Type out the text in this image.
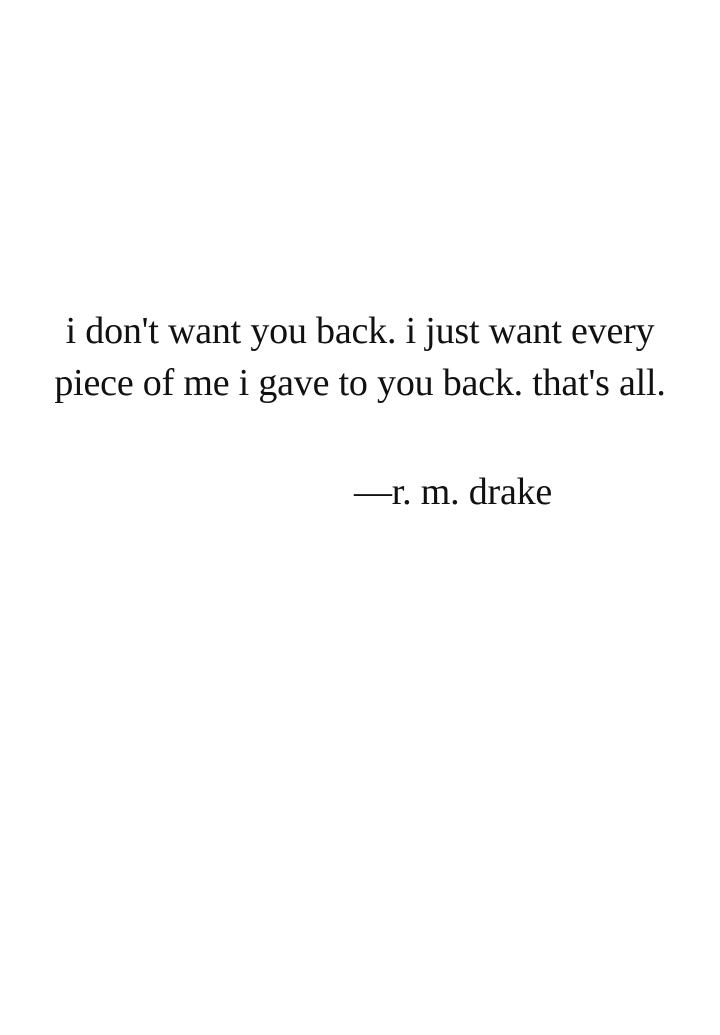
i don't want you back. i just want every
piece of me i gave to you back. that's all.
—r. m. drake
